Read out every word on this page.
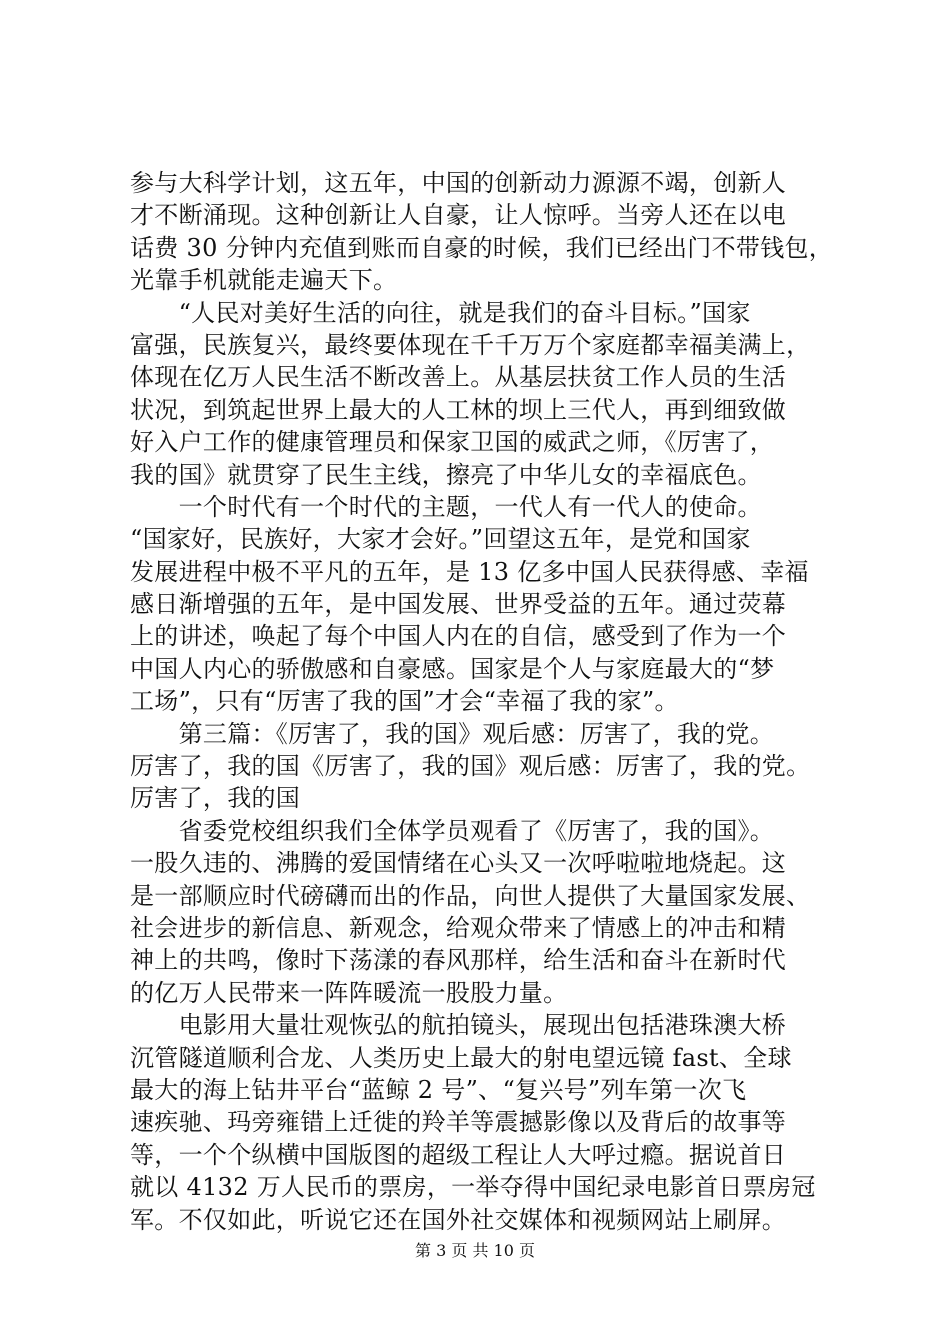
参与大科学计划，这五年，中国的创新动力源源不竭，创新人
才不断涌现。这种创新让人自豪，让人惊呼。当旁人还在以电
话费 30 分钟内充值到账而自豪的时候，我们已经出门不带钱包，
光靠手机就能走遍天下。
　　“人民对美好生活的向往，就是我们的奋斗目标。”国家
富强，民族复兴，最终要体现在千千万万个家庭都幸福美满上，
体现在亿万人民生活不断改善上。从基层扶贫工作人员的生活
状况，到筑起世界上最大的人工林的坝上三代人，再到细致做
好入户工作的健康管理员和保家卫国的威武之师，《厉害了，
我的国》就贯穿了民生主线，擦亮了中华儿女的幸福底色。
　　一个时代有一个时代的主题，一代人有一代人的使命。
“国家好，民族好，大家才会好。”回望这五年，是党和国家
发展进程中极不平凡的五年，是 13 亿多中国人民获得感、幸福
感日渐增强的五年，是中国发展、世界受益的五年。通过荧幕
上的讲述，唤起了每个中国人内在的自信，感受到了作为一个
中国人内心的骄傲感和自豪感。国家是个人与家庭最大的“梦
工场”，只有“厉害了我的国”才会“幸福了我的家”。
　　第三篇：《厉害了，我的国》观后感：厉害了，我的党。
厉害了，我的国《厉害了，我的国》观后感：厉害了，我的党。
厉害了，我的国
　　省委党校组织我们全体学员观看了《厉害了，我的国》。
一股久违的、沸腾的爱国情绪在心头又一次呼啦啦地烧起。这
是一部顺应时代磅礴而出的作品，向世人提供了大量国家发展、
社会进步的新信息、新观念，给观众带来了情感上的冲击和精
神上的共鸣，像时下荡漾的春风那样，给生活和奋斗在新时代
的亿万人民带来一阵阵暖流一股股力量。
　　电影用大量壮观恢弘的航拍镜头，展现出包括港珠澳大桥
沉管隧道顺利合龙、人类历史上最大的射电望远镜 fast、全球
最大的海上钻井平台“蓝鲸 2 号”、“复兴号”列车第一次飞
速疾驰、玛旁雍错上迁徙的羚羊等震撼影像以及背后的故事等
等，一个个纵横中国版图的超级工程让人大呼过瘾。据说首日
就以 4132 万人民币的票房，一举夺得中国纪录电影首日票房冠
军。不仅如此，听说它还在国外社交媒体和视频网站上刷屏。
第 3 页 共 10 页
